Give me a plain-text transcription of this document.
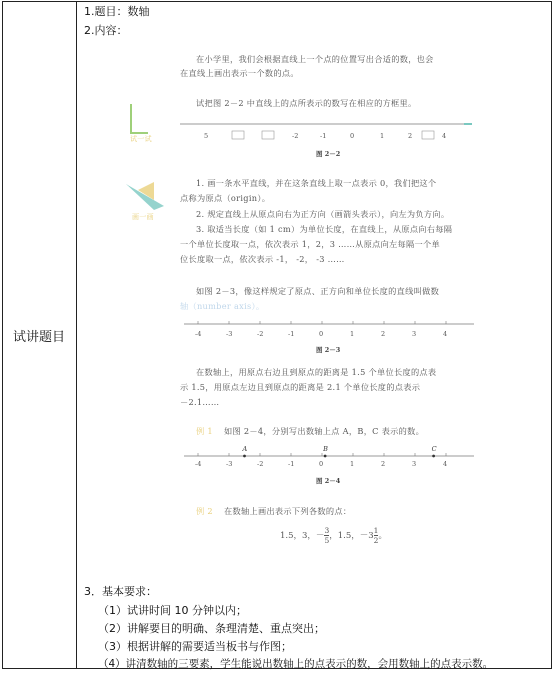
试讲题目
1.题目：数轴
2.内容：
在小学里，我们会根据直线上一个点的位置写出合适的数，也会
在直线上画出表示一个数的点。
试一试
试把图 2－2 中直线上的点所表示的数写在相应的方框里。
5	-2	-1	0	1	2	4
图 2－2
画一画
1. 画一条水平直线，并在这条直线上取一点表示 0，我们把这个
点称为原点（origin）。
2. 规定直线上从原点向右为正方向（画箭头表示），向左为负方向。
3. 取适当长度（如 1 cm）为单位长度，在直线上，从原点向右每隔
一个单位长度取一点，依次表示 1，2，3 ……从原点向左每隔一个单
位长度取一点，依次表示 -1， -2， -3 ……
如图 2－3，像这样规定了原点、正方向和单位长度的直线叫做数
轴（number axis）。
-4	-3	-2	-1	0	1	2	3	4
图 2－3
在数轴上，用原点右边且到原点的距离是 1.5 个单位长度的点表
示 1.5，用原点左边且到原点的距离是 2.1 个单位长度的点表示
－2.1……
例 1 如图 2－4，分别写出数轴上点 A，B，C 表示的数。
-4	-3	-2	-1	0	1	2	3	4
A	B	C
图 2－4
例 2 在数轴上画出表示下列各数的点：
1.5，3，－ $\frac{3}{5}$ ，1.5，$-3 \frac{1}{2}$ 。
3．基本要求：
（1）试讲时间 10 分钟以内；
（2）讲解要目的明确、条理清楚、重点突出；
（3）根据讲解的需要适当板书与作图；
（4）讲清数轴的三要素，学生能说出数轴上的点表示的数，会用数轴上的点表示数。
